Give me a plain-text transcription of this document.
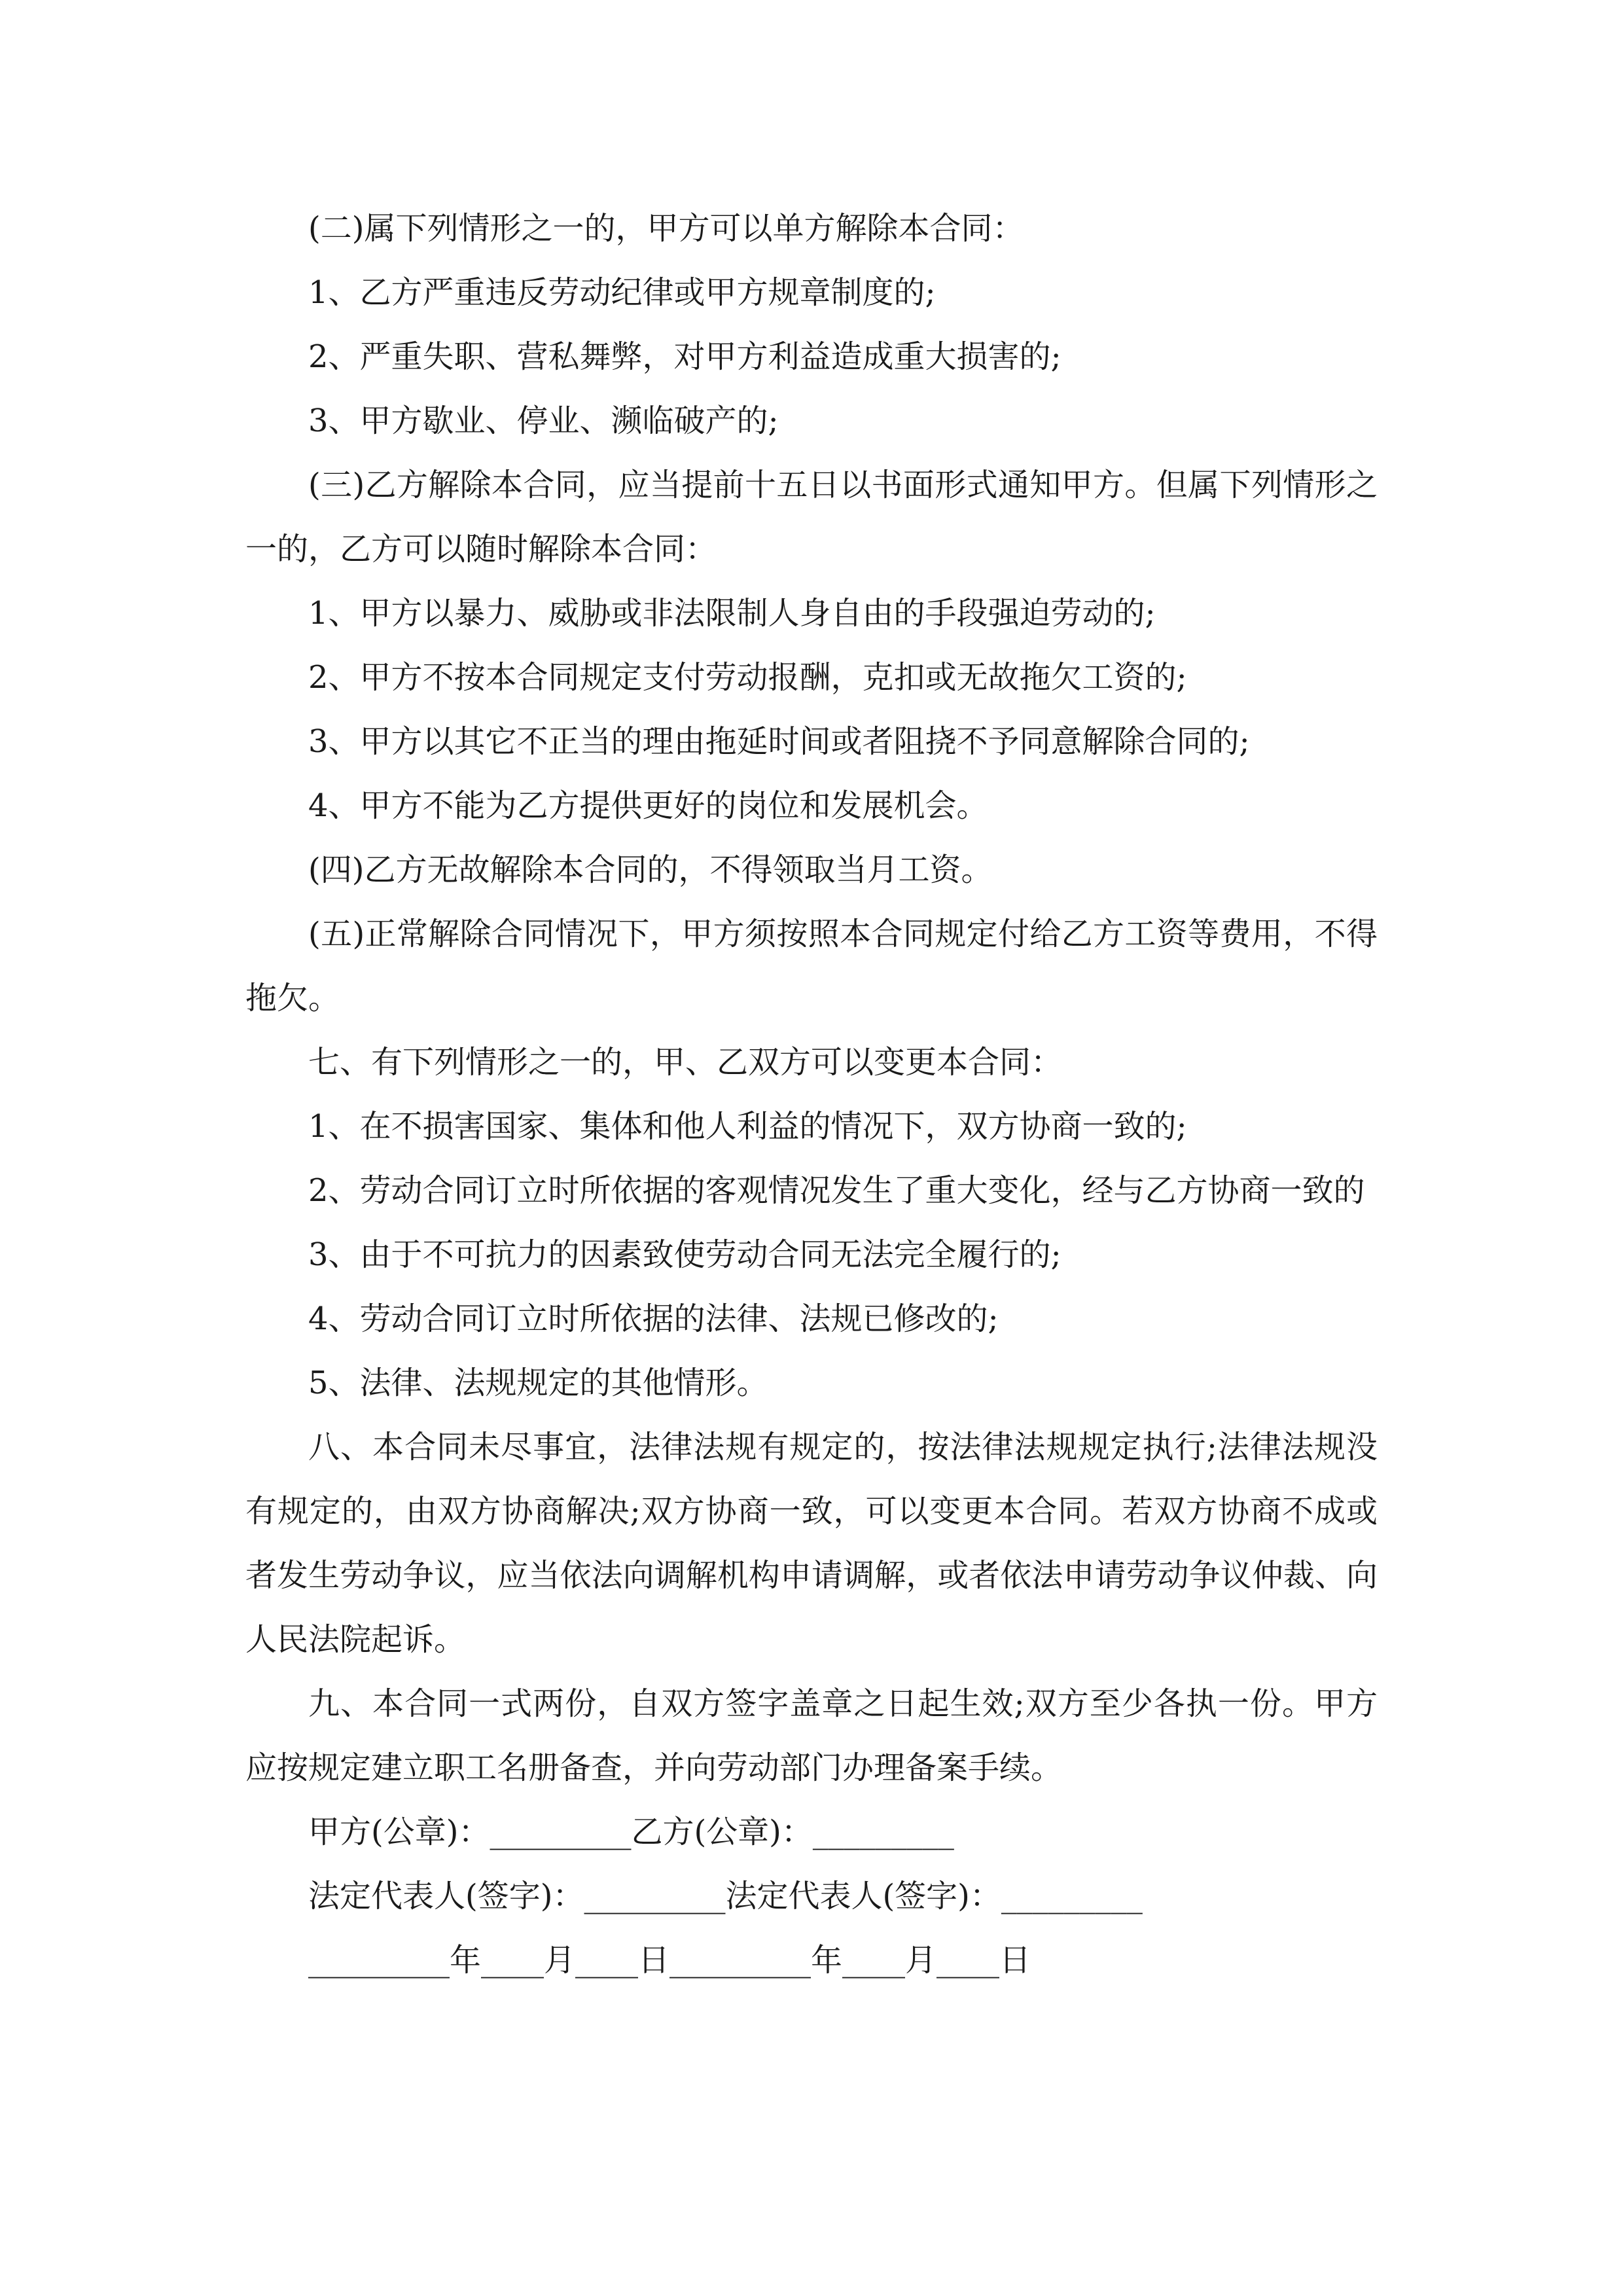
(二)属下列情形之一的，甲方可以单方解除本合同：

1、乙方严重违反劳动纪律或甲方规章制度的;

2、严重失职、营私舞弊，对甲方利益造成重大损害的;

3、甲方歇业、停业、濒临破产的;

(三)乙方解除本合同，应当提前十五日以书面形式通知甲方。但属下列情形之一的，乙方可以随时解除本合同：

1、甲方以暴力、威胁或非法限制人身自由的手段强迫劳动的;

2、甲方不按本合同规定支付劳动报酬，克扣或无故拖欠工资的;

3、甲方以其它不正当的理由拖延时间或者阻挠不予同意解除合同的;

4、甲方不能为乙方提供更好的岗位和发展机会。

(四)乙方无故解除本合同的，不得领取当月工资。

(五)正常解除合同情况下，甲方须按照本合同规定付给乙方工资等费用，不得拖欠。

七、有下列情形之一的，甲、乙双方可以变更本合同：

1、在不损害国家、集体和他人利益的情况下，双方协商一致的;

2、劳动合同订立时所依据的客观情况发生了重大变化，经与乙方协商一致的

3、由于不可抗力的因素致使劳动合同无法完全履行的;

4、劳动合同订立时所依据的法律、法规已修改的;

5、法律、法规规定的其他情形。

八、本合同未尽事宜，法律法规有规定的，按法律法规规定执行;法律法规没有规定的，由双方协商解决;双方协商一致，可以变更本合同。若双方协商不成或者发生劳动争议，应当依法向调解机构申请调解，或者依法申请劳动争议仲裁、向人民法院起诉。

九、本合同一式两份，自双方签字盖章之日起生效;双方至少各执一份。甲方应按规定建立职工名册备查，并向劳动部门办理备案手续。

甲方(公章)：_________乙方(公章)：_________

法定代表人(签字)：_________法定代表人(签字)：_________

_________年____月____日_________年____月____日
